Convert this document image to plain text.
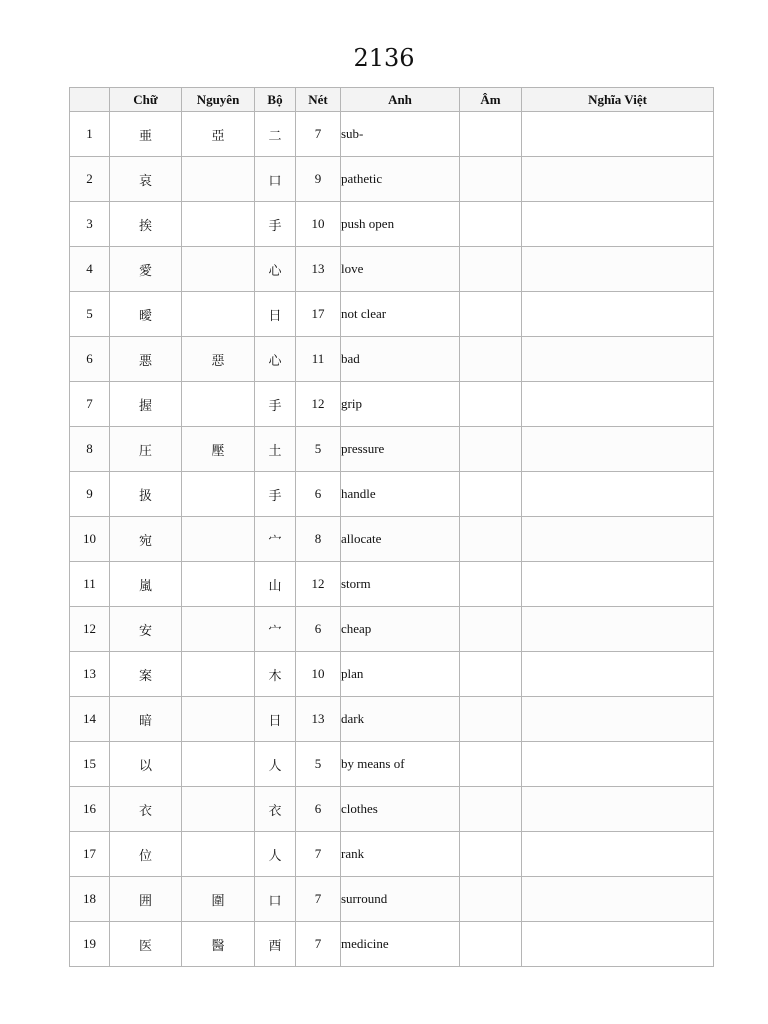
2136
	Chữ	Nguyên	Bộ	Nét	Anh	Âm	Nghĩa Việt
1	亜	亞	二	7	sub-		
2	哀		口	9	pathetic		
3	挨		手	10	push open		
4	愛		心	13	love		
5	曖		日	17	not clear		
6	悪	惡	心	11	bad		
7	握		手	12	grip		
8	圧	壓	土	5	pressure		
9	扱		手	6	handle		
10	宛		宀	8	allocate		
11	嵐		山	12	storm		
12	安		宀	6	cheap		
13	案		木	10	plan		
14	暗		日	13	dark		
15	以		人	5	by means of		
16	衣		衣	6	clothes		
17	位		人	7	rank		
18	囲	圍	口	7	surround		
19	医	醫	酉	7	medicine		
